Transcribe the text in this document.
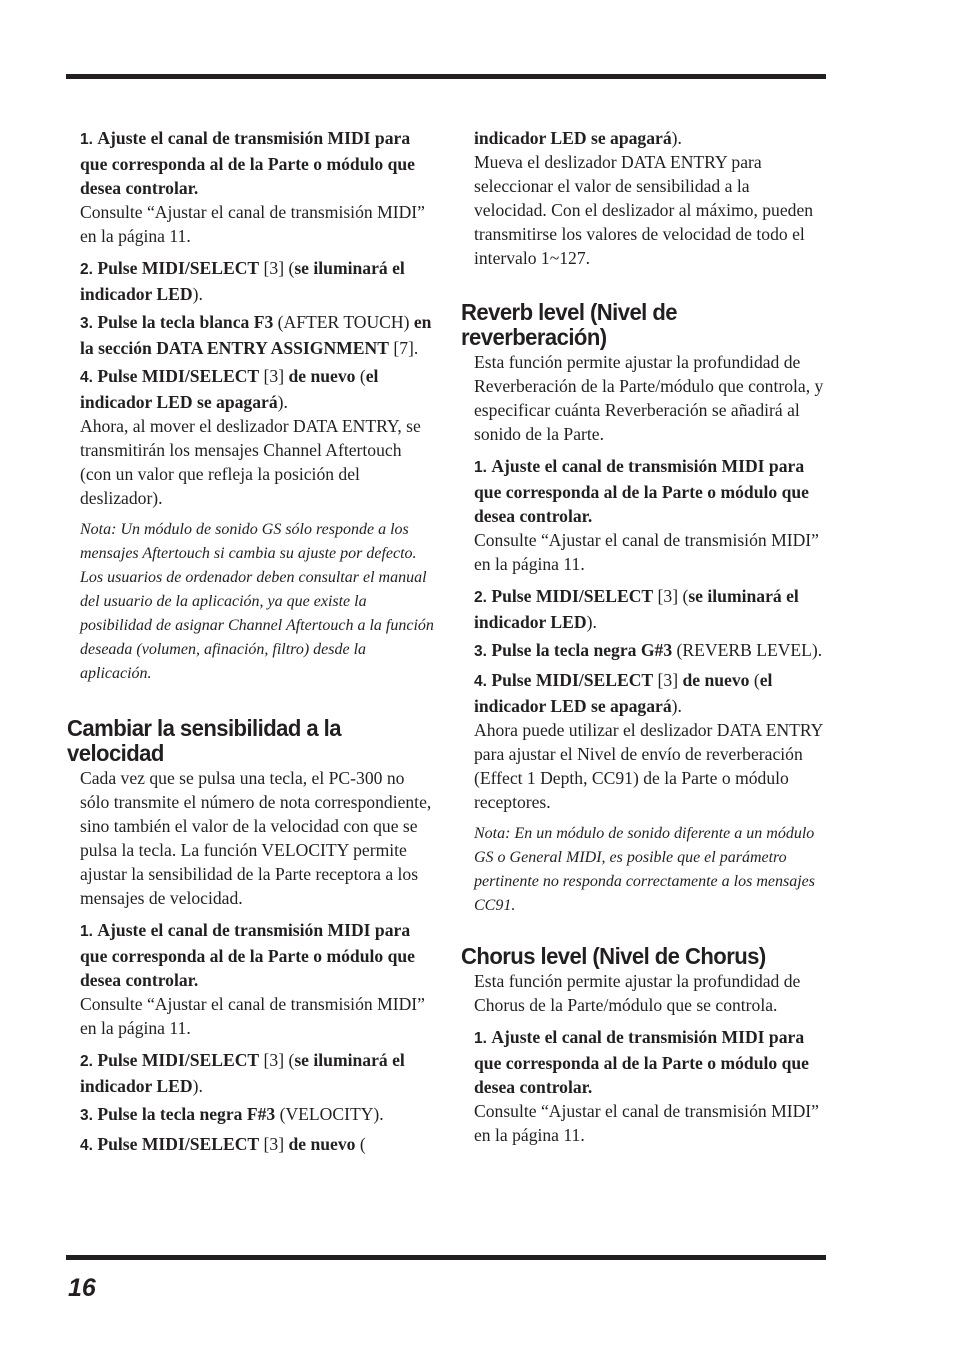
1. Ajuste el canal de transmisión MIDI para que corresponda al de la Parte o módulo que desea controlar.
Consulte “Ajustar el canal de transmisión MIDI” en la página 11.

2. Pulse MIDI/SELECT [3] (se iluminará el indicador LED).

3. Pulse la tecla blanca F3 (AFTER TOUCH) en la sección DATA ENTRY ASSIGNMENT [7].

4. Pulse MIDI/SELECT [3] de nuevo (el indicador LED se apagará).
Ahora, al mover el deslizador DATA ENTRY, se transmitirán los mensajes Channel Aftertouch (con un valor que refleja la posición del deslizador).

Nota: Un módulo de sonido GS sólo responde a los mensajes Aftertouch si cambia su ajuste por defecto. Los usuarios de ordenador deben consultar el manual del usuario de la aplicación, ya que existe la posibilidad de asignar Channel Aftertouch a la función deseada (volumen, afinación, filtro) desde la aplicación.

Cambiar la sensibilidad a la velocidad

Cada vez que se pulsa una tecla, el PC-300 no sólo transmite el número de nota correspondiente, sino también el valor de la velocidad con que se pulsa la tecla. La función VELOCITY permite ajustar la sensibilidad de la Parte receptora a los mensajes de velocidad.

1. Ajuste el canal de transmisión MIDI para que corresponda al de la Parte o módulo que desea controlar.
Consulte “Ajustar el canal de transmisión MIDI” en la página 11.

2. Pulse MIDI/SELECT [3] (se iluminará el indicador LED).

3. Pulse la tecla negra F#3 (VELOCITY).

4. Pulse MIDI/SELECT [3] de nuevo (

indicador LED se apagará).

Mueva el deslizador DATA ENTRY para seleccionar el valor de sensibilidad a la velocidad. Con el deslizador al máximo, pueden transmitirse los valores de velocidad de todo el intervalo 1~127.

Reverb level (Nivel de reverberación)

Esta función permite ajustar la profundidad de Reverberación de la Parte/módulo que controla, y especificar cuánta Reverberación se añadirá al sonido de la Parte.

1. Ajuste el canal de transmisión MIDI para que corresponda al de la Parte o módulo que desea controlar.
Consulte “Ajustar el canal de transmisión MIDI” en la página 11.

2. Pulse MIDI/SELECT [3] (se iluminará el indicador LED).

3. Pulse la tecla negra G#3 (REVERB LEVEL).

4. Pulse MIDI/SELECT [3] de nuevo (el indicador LED se apagará).
Ahora puede utilizar el deslizador DATA ENTRY para ajustar el Nivel de envío de reverberación (Effect 1 Depth, CC91) de la Parte o módulo receptores.

Nota: En un módulo de sonido diferente a un módulo GS o General MIDI, es posible que el parámetro pertinente no responda correctamente a los mensajes CC91.

Chorus level (Nivel de Chorus)

Esta función permite ajustar la profundidad de Chorus de la Parte/módulo que se controla.

1. Ajuste el canal de transmisión MIDI para que corresponda al de la Parte o módulo que desea controlar.
Consulte “Ajustar el canal de transmisión MIDI” en la página 11.

16
